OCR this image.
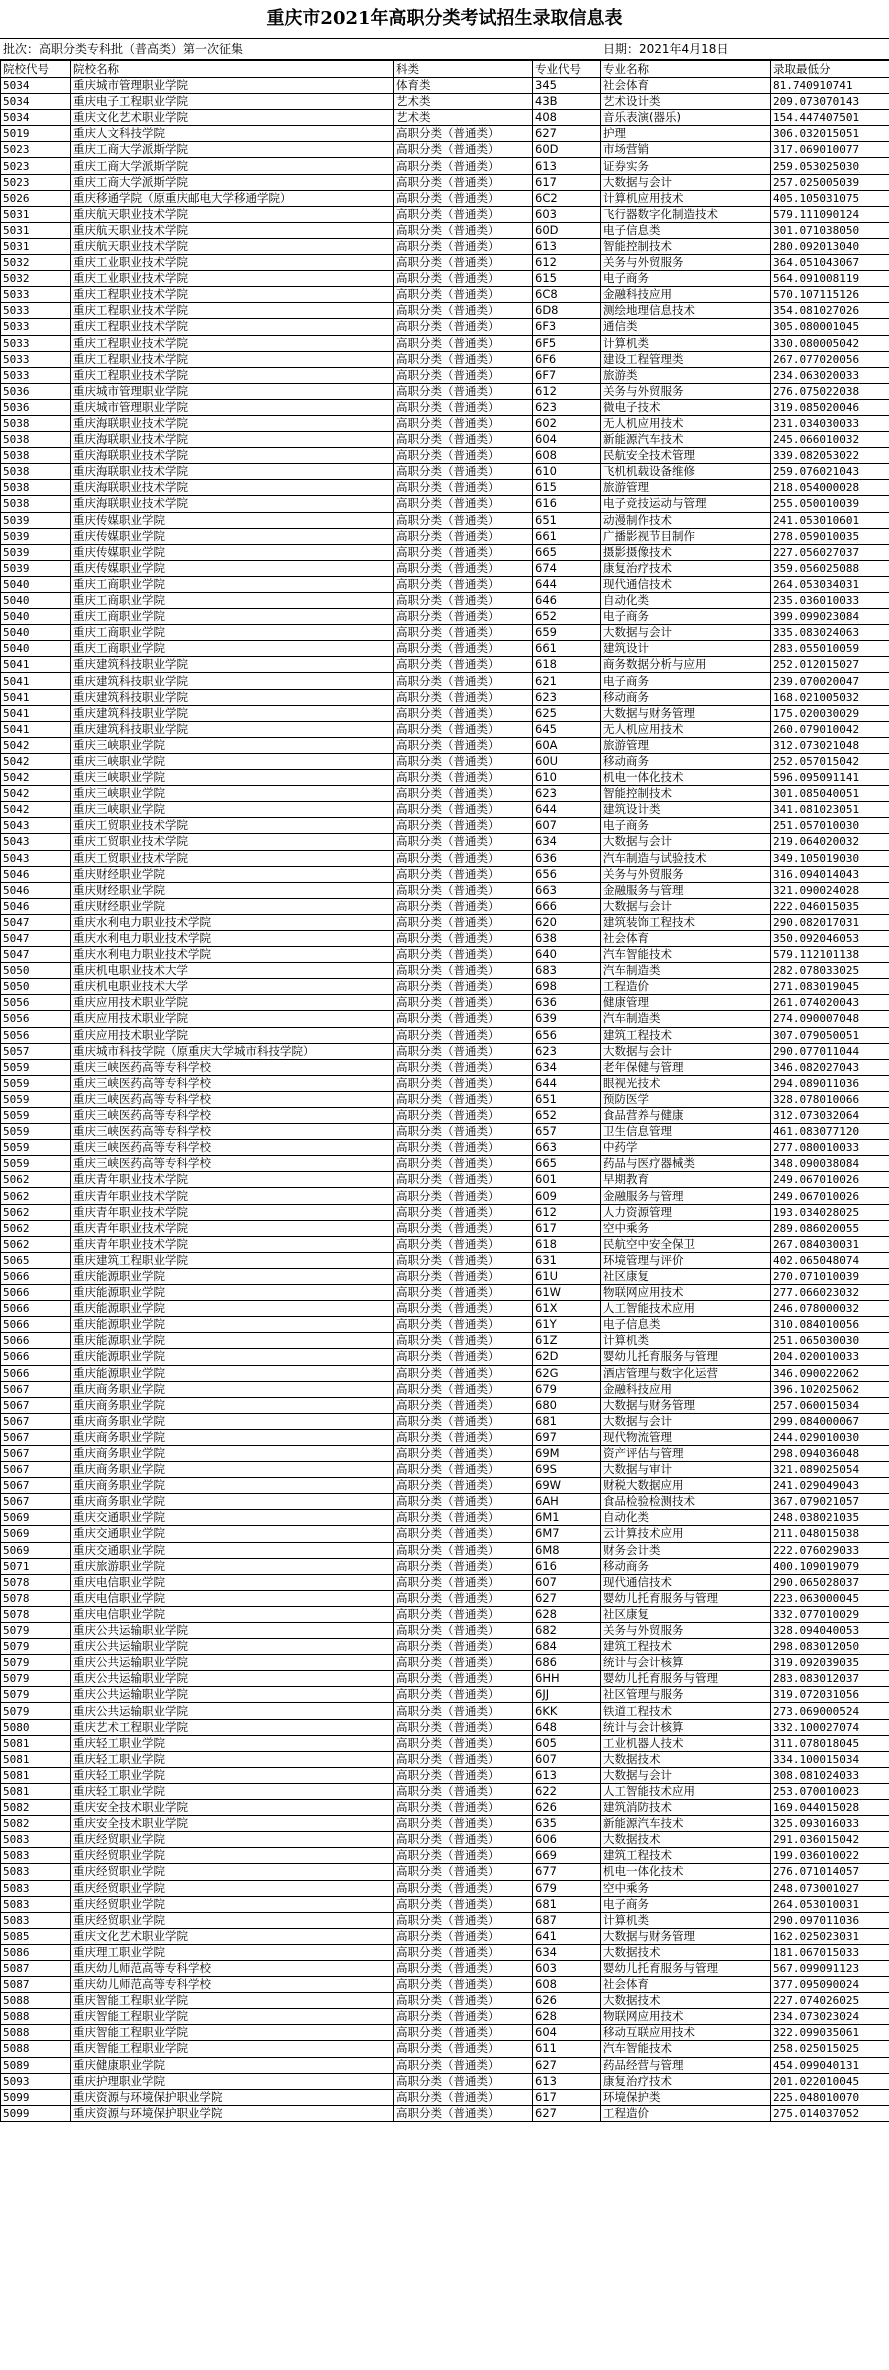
重庆市2021年高职分类考试招生录取信息表
批次：高职分类专科批（普高类）第一次征集	日期：2021年4月18日
院校代号	院校名称	科类	专业代号	专业名称	录取最低分
5034	重庆城市管理职业学院	体育类	345	社会体育	81.740910741
5034	重庆电子工程职业学院	艺术类	43B	艺术设计类	209.073070143
5034	重庆文化艺术职业学院	艺术类	408	音乐表演(器乐)	154.447407501
5019	重庆人文科技学院	高职分类（普通类）	627	护理	306.032015051
5023	重庆工商大学派斯学院	高职分类（普通类）	60D	市场营销	317.069010077
5023	重庆工商大学派斯学院	高职分类（普通类）	613	证券实务	259.053025030
5023	重庆工商大学派斯学院	高职分类（普通类）	617	大数据与会计	257.025005039
5026	重庆移通学院（原重庆邮电大学移通学院）	高职分类（普通类）	6C2	计算机应用技术	405.105031075
5031	重庆航天职业技术学院	高职分类（普通类）	603	飞行器数字化制造技术	579.111090124
5031	重庆航天职业技术学院	高职分类（普通类）	60D	电子信息类	301.071038050
5031	重庆航天职业技术学院	高职分类（普通类）	613	智能控制技术	280.092013040
5032	重庆工业职业技术学院	高职分类（普通类）	612	关务与外贸服务	364.051043067
5032	重庆工业职业技术学院	高职分类（普通类）	615	电子商务	564.091008119
5033	重庆工程职业技术学院	高职分类（普通类）	6C8	金融科技应用	570.107115126
5033	重庆工程职业技术学院	高职分类（普通类）	6D8	测绘地理信息技术	354.081027026
5033	重庆工程职业技术学院	高职分类（普通类）	6F3	通信类	305.080001045
5033	重庆工程职业技术学院	高职分类（普通类）	6F5	计算机类	330.080005042
5033	重庆工程职业技术学院	高职分类（普通类）	6F6	建设工程管理类	267.077020056
5033	重庆工程职业技术学院	高职分类（普通类）	6F7	旅游类	234.063020033
5036	重庆城市管理职业学院	高职分类（普通类）	612	关务与外贸服务	276.075022038
5036	重庆城市管理职业学院	高职分类（普通类）	623	微电子技术	319.085020046
5038	重庆海联职业技术学院	高职分类（普通类）	602	无人机应用技术	231.034030033
5038	重庆海联职业技术学院	高职分类（普通类）	604	新能源汽车技术	245.066010032
5038	重庆海联职业技术学院	高职分类（普通类）	608	民航安全技术管理	339.082053022
5038	重庆海联职业技术学院	高职分类（普通类）	610	飞机机载设备维修	259.076021043
5038	重庆海联职业技术学院	高职分类（普通类）	615	旅游管理	218.054000028
5038	重庆海联职业技术学院	高职分类（普通类）	616	电子竞技运动与管理	255.050010039
5039	重庆传媒职业学院	高职分类（普通类）	651	动漫制作技术	241.053010601
5039	重庆传媒职业学院	高职分类（普通类）	661	广播影视节目制作	278.059010035
5039	重庆传媒职业学院	高职分类（普通类）	665	摄影摄像技术	227.056027037
5039	重庆传媒职业学院	高职分类（普通类）	674	康复治疗技术	359.056025088
5040	重庆工商职业学院	高职分类（普通类）	644	现代通信技术	264.053034031
5040	重庆工商职业学院	高职分类（普通类）	646	自动化类	235.036010033
5040	重庆工商职业学院	高职分类（普通类）	652	电子商务	399.099023084
5040	重庆工商职业学院	高职分类（普通类）	659	大数据与会计	335.083024063
5040	重庆工商职业学院	高职分类（普通类）	661	建筑设计	283.055010059
5041	重庆建筑科技职业学院	高职分类（普通类）	618	商务数据分析与应用	252.012015027
5041	重庆建筑科技职业学院	高职分类（普通类）	621	电子商务	239.070020047
5041	重庆建筑科技职业学院	高职分类（普通类）	623	移动商务	168.021005032
5041	重庆建筑科技职业学院	高职分类（普通类）	625	大数据与财务管理	175.020030029
5041	重庆建筑科技职业学院	高职分类（普通类）	645	无人机应用技术	260.079010042
5042	重庆三峡职业学院	高职分类（普通类）	60A	旅游管理	312.073021048
5042	重庆三峡职业学院	高职分类（普通类）	60U	移动商务	252.057015042
5042	重庆三峡职业学院	高职分类（普通类）	610	机电一体化技术	596.095091141
5042	重庆三峡职业学院	高职分类（普通类）	623	智能控制技术	301.085040051
5042	重庆三峡职业学院	高职分类（普通类）	644	建筑设计类	341.081023051
5043	重庆工贸职业技术学院	高职分类（普通类）	607	电子商务	251.057010030
5043	重庆工贸职业技术学院	高职分类（普通类）	634	大数据与会计	219.064020032
5043	重庆工贸职业技术学院	高职分类（普通类）	636	汽车制造与试验技术	349.105019030
5046	重庆财经职业学院	高职分类（普通类）	656	关务与外贸服务	316.094014043
5046	重庆财经职业学院	高职分类（普通类）	663	金融服务与管理	321.090024028
5046	重庆财经职业学院	高职分类（普通类）	666	大数据与会计	222.046015035
5047	重庆水利电力职业技术学院	高职分类（普通类）	620	建筑装饰工程技术	290.082017031
5047	重庆水利电力职业技术学院	高职分类（普通类）	638	社会体育	350.092046053
5047	重庆水利电力职业技术学院	高职分类（普通类）	640	汽车智能技术	579.112101138
5050	重庆机电职业技术大学	高职分类（普通类）	683	汽车制造类	282.078033025
5050	重庆机电职业技术大学	高职分类（普通类）	698	工程造价	271.083019045
5056	重庆应用技术职业学院	高职分类（普通类）	636	健康管理	261.074020043
5056	重庆应用技术职业学院	高职分类（普通类）	639	汽车制造类	274.090007048
5056	重庆应用技术职业学院	高职分类（普通类）	656	建筑工程技术	307.079050051
5057	重庆城市科技学院（原重庆大学城市科技学院）	高职分类（普通类）	623	大数据与会计	290.077011044
5059	重庆三峡医药高等专科学校	高职分类（普通类）	634	老年保健与管理	346.082027043
5059	重庆三峡医药高等专科学校	高职分类（普通类）	644	眼视光技术	294.089011036
5059	重庆三峡医药高等专科学校	高职分类（普通类）	651	预防医学	328.078010066
5059	重庆三峡医药高等专科学校	高职分类（普通类）	652	食品营养与健康	312.073032064
5059	重庆三峡医药高等专科学校	高职分类（普通类）	657	卫生信息管理	461.083077120
5059	重庆三峡医药高等专科学校	高职分类（普通类）	663	中药学	277.080010033
5059	重庆三峡医药高等专科学校	高职分类（普通类）	665	药品与医疗器械类	348.090038084
5062	重庆青年职业技术学院	高职分类（普通类）	601	早期教育	249.067010026
5062	重庆青年职业技术学院	高职分类（普通类）	609	金融服务与管理	249.067010026
5062	重庆青年职业技术学院	高职分类（普通类）	612	人力资源管理	193.034028025
5062	重庆青年职业技术学院	高职分类（普通类）	617	空中乘务	289.086020055
5062	重庆青年职业技术学院	高职分类（普通类）	618	民航空中安全保卫	267.084030031
5065	重庆建筑工程职业学院	高职分类（普通类）	631	环境管理与评价	402.065048074
5066	重庆能源职业学院	高职分类（普通类）	61U	社区康复	270.071010039
5066	重庆能源职业学院	高职分类（普通类）	61W	物联网应用技术	277.066023032
5066	重庆能源职业学院	高职分类（普通类）	61X	人工智能技术应用	246.078000032
5066	重庆能源职业学院	高职分类（普通类）	61Y	电子信息类	310.084010056
5066	重庆能源职业学院	高职分类（普通类）	61Z	计算机类	251.065030030
5066	重庆能源职业学院	高职分类（普通类）	62D	婴幼儿托育服务与管理	204.020010033
5066	重庆能源职业学院	高职分类（普通类）	62G	酒店管理与数字化运营	346.090022062
5067	重庆商务职业学院	高职分类（普通类）	679	金融科技应用	396.102025062
5067	重庆商务职业学院	高职分类（普通类）	680	大数据与财务管理	257.060015034
5067	重庆商务职业学院	高职分类（普通类）	681	大数据与会计	299.084000067
5067	重庆商务职业学院	高职分类（普通类）	697	现代物流管理	244.029010030
5067	重庆商务职业学院	高职分类（普通类）	69M	资产评估与管理	298.094036048
5067	重庆商务职业学院	高职分类（普通类）	69S	大数据与审计	321.089025054
5067	重庆商务职业学院	高职分类（普通类）	69W	财税大数据应用	241.029049043
5067	重庆商务职业学院	高职分类（普通类）	6AH	食品检验检测技术	367.079021057
5069	重庆交通职业学院	高职分类（普通类）	6M1	自动化类	248.038021035
5069	重庆交通职业学院	高职分类（普通类）	6M7	云计算技术应用	211.048015038
5069	重庆交通职业学院	高职分类（普通类）	6M8	财务会计类	222.076029033
5071	重庆旅游职业学院	高职分类（普通类）	616	移动商务	400.109019079
5078	重庆电信职业学院	高职分类（普通类）	607	现代通信技术	290.065028037
5078	重庆电信职业学院	高职分类（普通类）	627	婴幼儿托育服务与管理	223.063000045
5078	重庆电信职业学院	高职分类（普通类）	628	社区康复	332.077010029
5079	重庆公共运输职业学院	高职分类（普通类）	682	关务与外贸服务	328.094040053
5079	重庆公共运输职业学院	高职分类（普通类）	684	建筑工程技术	298.083012050
5079	重庆公共运输职业学院	高职分类（普通类）	686	统计与会计核算	319.092039035
5079	重庆公共运输职业学院	高职分类（普通类）	6HH	婴幼儿托育服务与管理	283.083012037
5079	重庆公共运输职业学院	高职分类（普通类）	6JJ	社区管理与服务	319.072031056
5079	重庆公共运输职业学院	高职分类（普通类）	6KK	铁道工程技术	273.069000524
5080	重庆艺术工程职业学院	高职分类（普通类）	648	统计与会计核算	332.100027074
5081	重庆轻工职业学院	高职分类（普通类）	605	工业机器人技术	311.078018045
5081	重庆轻工职业学院	高职分类（普通类）	607	大数据技术	334.100015034
5081	重庆轻工职业学院	高职分类（普通类）	613	大数据与会计	308.081024033
5081	重庆轻工职业学院	高职分类（普通类）	622	人工智能技术应用	253.070010023
5082	重庆安全技术职业学院	高职分类（普通类）	626	建筑消防技术	169.044015028
5082	重庆安全技术职业学院	高职分类（普通类）	635	新能源汽车技术	325.093016033
5083	重庆经贸职业学院	高职分类（普通类）	606	大数据技术	291.036015042
5083	重庆经贸职业学院	高职分类（普通类）	669	建筑工程技术	199.036010022
5083	重庆经贸职业学院	高职分类（普通类）	677	机电一体化技术	276.071014057
5083	重庆经贸职业学院	高职分类（普通类）	679	空中乘务	248.073001027
5083	重庆经贸职业学院	高职分类（普通类）	681	电子商务	264.053010031
5083	重庆经贸职业学院	高职分类（普通类）	687	计算机类	290.097011036
5085	重庆文化艺术职业学院	高职分类（普通类）	641	大数据与财务管理	162.025023031
5086	重庆理工职业学院	高职分类（普通类）	634	大数据技术	181.067015033
5087	重庆幼儿师范高等专科学校	高职分类（普通类）	603	婴幼儿托育服务与管理	567.099091123
5087	重庆幼儿师范高等专科学校	高职分类（普通类）	608	社会体育	377.095090024
5088	重庆智能工程职业学院	高职分类（普通类）	626	大数据技术	227.074026025
5088	重庆智能工程职业学院	高职分类（普通类）	628	物联网应用技术	234.073023024
5088	重庆智能工程职业学院	高职分类（普通类）	604	移动互联应用技术	322.099035061
5088	重庆智能工程职业学院	高职分类（普通类）	611	汽车智能技术	258.025015025
5089	重庆健康职业学院	高职分类（普通类）	627	药品经营与管理	454.099040131
5093	重庆护理职业学院	高职分类（普通类）	613	康复治疗技术	201.022010045
5099	重庆资源与环境保护职业学院	高职分类（普通类）	617	环境保护类	225.048010070
5099	重庆资源与环境保护职业学院	高职分类（普通类）	627	工程造价	275.014037052
